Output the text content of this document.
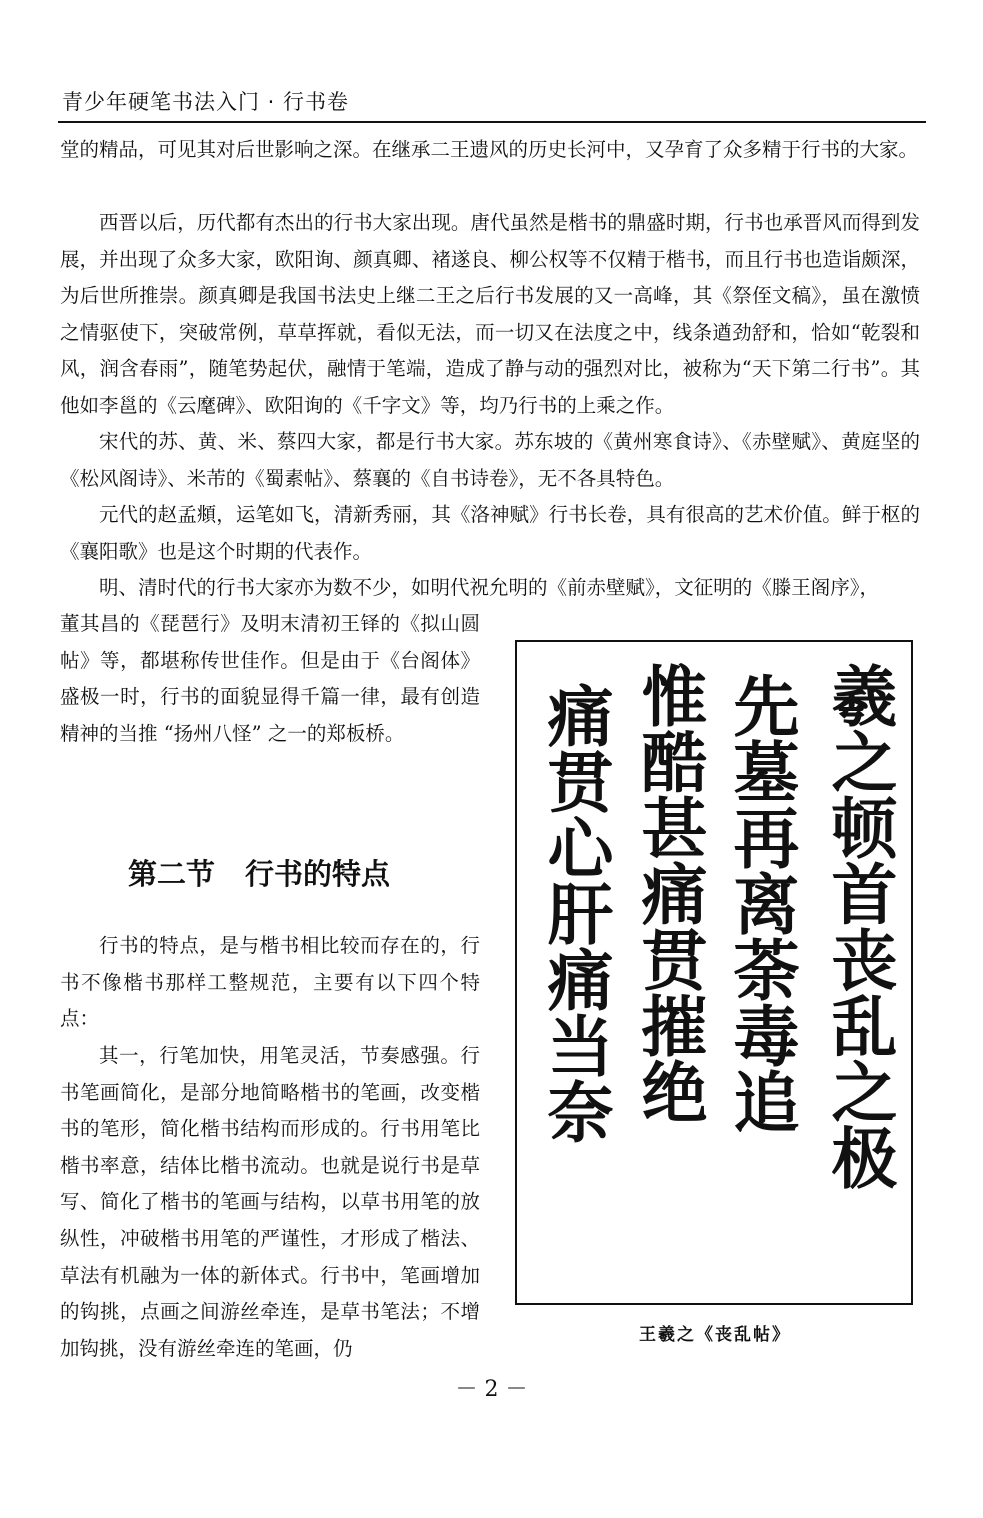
青少年硬笔书法入门 · 行书卷

堂的精品，可见其对后世影响之深。在继承二王遗风的历史长河中，又孕育了众多精于行书的大家。

西晋以后，历代都有杰出的行书大家出现。唐代虽然是楷书的鼎盛时期，行书也承晋风而得到发展，并出现了众多大家，欧阳询、颜真卿、褚遂良、柳公权等不仅精于楷书，而且行书也造诣颇深，为后世所推崇。颜真卿是我国书法史上继二王之后行书发展的又一高峰，其《祭侄文稿》，虽在激愤之情驱使下，突破常例，草草挥就，看似无法，而一切又在法度之中，线条遒劲舒和，恰如“乾裂和风，润含春雨”，随笔势起伏，融情于笔端，造成了静与动的强烈对比，被称为“天下第二行书”。其他如李邕的《云麾碑》、欧阳询的《千字文》等，均乃行书的上乘之作。

宋代的苏、黄、米、蔡四大家，都是行书大家。苏东坡的《黄州寒食诗》、《赤壁赋》、黄庭坚的《松风阁诗》、米芾的《蜀素帖》、蔡襄的《自书诗卷》，无不各具特色。

元代的赵孟頫，运笔如飞，清新秀丽，其《洛神赋》行书长卷，具有很高的艺术价值。鲜于枢的《襄阳歌》也是这个时期的代表作。

明、清时代的行书大家亦为数不少，如明代祝允明的《前赤壁赋》，文征明的《滕王阁序》，

董其昌的《琵琶行》及明末清初王铎的《拟山圆帖》等，都堪称传世佳作。但是由于《台阁体》盛极一时，行书的面貌显得千篇一律，最有创造精神的当推 “扬州八怪” 之一的郑板桥。

第二节 行书的特点

行书的特点，是与楷书相比较而存在的，行书不像楷书那样工整规范，主要有以下四个特点：

其一，行笔加快，用笔灵活，节奏感强。行书笔画简化，是部分地简略楷书的笔画，改变楷书的笔形，简化楷书结构而形成的。行书用笔比楷书率意，结体比楷书流动。也就是说行书是草写、简化了楷书的笔画与结构，以草书用笔的放纵性，冲破楷书用笔的严谨性，才形成了楷法、草法有机融为一体的新体式。行书中，笔画增加的钩挑，点画之间游丝牵连，是草书笔法；不增加钩挑，没有游丝牵连的笔画，仍

羲之顿首丧乱之极
先墓再离荼毒追
惟酷甚痛贯摧绝
痛贯心肝痛当奈
王羲之《丧乱帖》
－ 2 －
